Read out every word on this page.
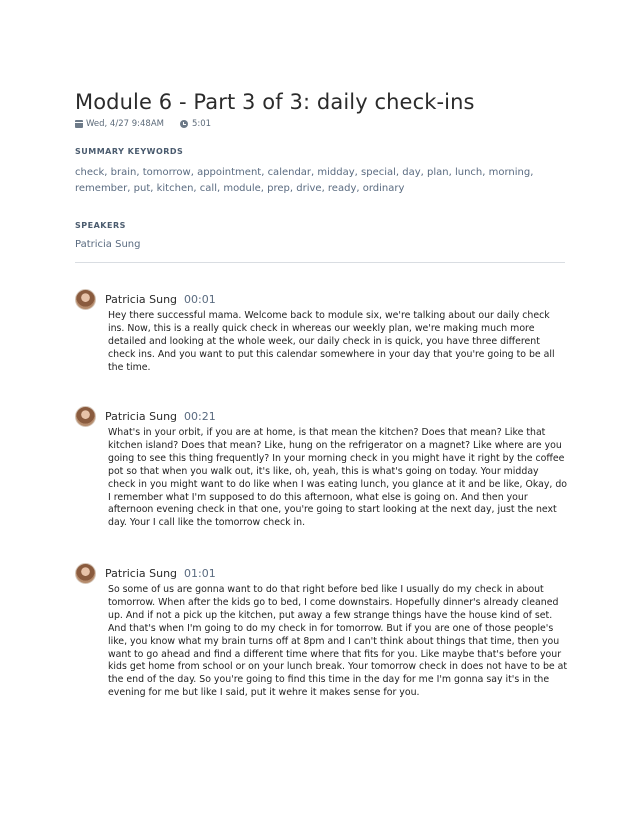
Module 6 - Part 3 of 3: daily check-ins
Wed, 4/27 9:48AM	5:01
SUMMARY KEYWORDS
check, brain, tomorrow, appointment, calendar, midday, special, day, plan, lunch, morning, remember, put, kitchen, call, module, prep, drive, ready, ordinary
SPEAKERS
Patricia Sung
Patricia Sung 00:01
Hey there successful mama. Welcome back to module six, we're talking about our daily check ins. Now, this is a really quick check in whereas our weekly plan, we're making much more detailed and looking at the whole week, our daily check in is quick, you have three different check ins. And you want to put this calendar somewhere in your day that you're going to be all the time.
Patricia Sung 00:21
What's in your orbit, if you are at home, is that mean the kitchen? Does that mean? Like that kitchen island? Does that mean? Like, hung on the refrigerator on a magnet? Like where are you going to see this thing frequently? In your morning check in you might have it right by the coffee pot so that when you walk out, it's like, oh, yeah, this is what's going on today. Your midday check in you might want to do like when I was eating lunch, you glance at it and be like, Okay, do I remember what I'm supposed to do this afternoon, what else is going on. And then your afternoon evening check in that one, you're going to start looking at the next day, just the next day. Your I call like the tomorrow check in.
Patricia Sung 01:01
So some of us are gonna want to do that right before bed like I usually do my check in about tomorrow. When after the kids go to bed, I come downstairs. Hopefully dinner's already cleaned up. And if not a pick up the kitchen, put away a few strange things have the house kind of set. And that's when I'm going to do my check in for tomorrow. But if you are one of those people's like, you know what my brain turns off at 8pm and I can't think about things that time, then you want to go ahead and find a different time where that fits for you. Like maybe that's before your kids get home from school or on your lunch break. Your tomorrow check in does not have to be at the end of the day. So you're going to find this time in the day for me I'm gonna say it's in the evening for me but like I said, put it wehre it makes sense for you.
